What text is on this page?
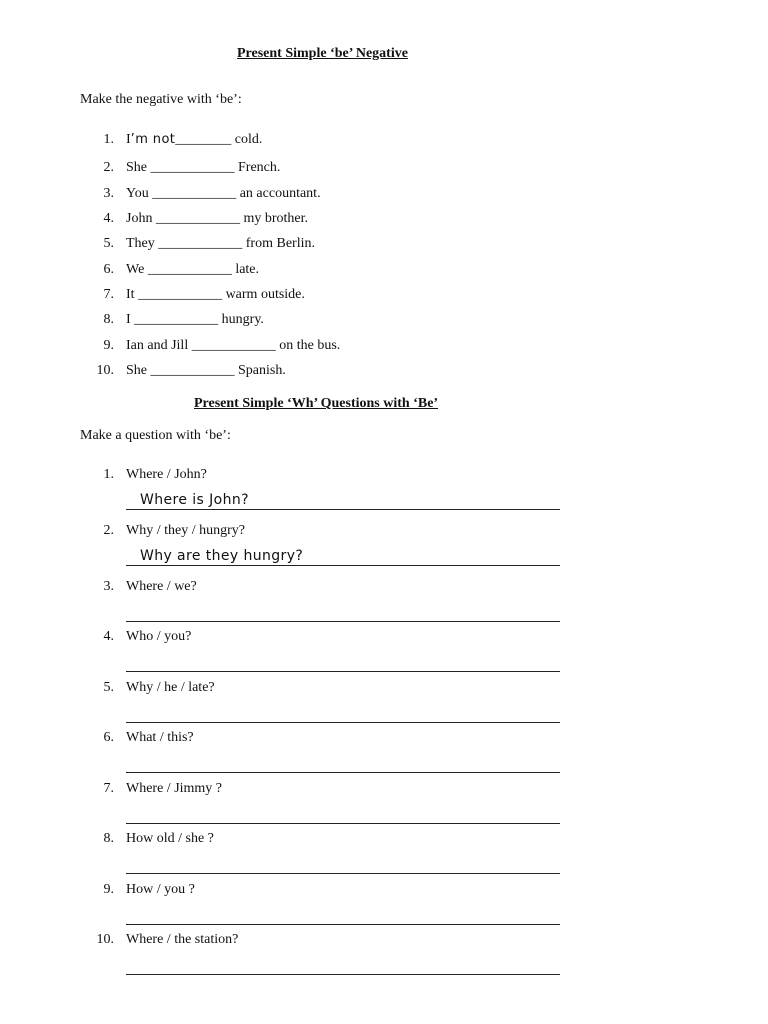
Present Simple ‘be’ Negative
Make the negative with ‘be’:
1. I’m not________ cold.
2. She ____________ French.
3. You ____________ an accountant.
4. John ____________ my brother.
5. They ____________ from Berlin.
6. We ____________ late.
7. It ____________ warm outside.
8. I ____________ hungry.
9. Ian and Jill ____________ on the bus.
10. She ____________ Spanish.
Present Simple ‘Wh’ Questions with ‘Be’
Make a question with ‘be’:
1. Where / John?
Where is John?
2. Why / they / hungry?
Why are they hungry?
3. Where / we?
4. Who / you?
5. Why / he / late?
6. What / this?
7. Where / Jimmy ?
8. How old / she ?
9. How / you ?
10. Where / the station?
